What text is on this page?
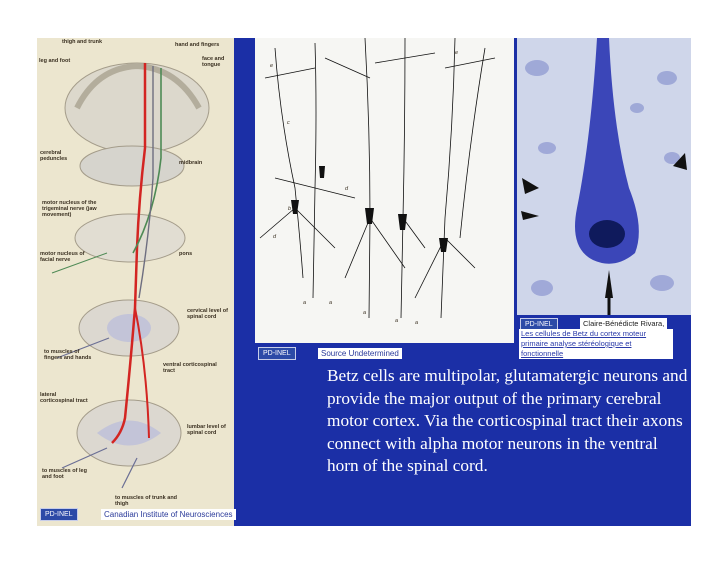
thigh and trunk	hand and fingers
leg and foot	face and tongue
cerebral peduncles
midbrain
motor nucleus of the trigeminal nerve (jaw movement)
motor nucleus of facial nerve
pons
cervical level of spinal cord
to muscles of fingers and hands
ventral corticospinal tract
lateral corticospinal tract
lumbar level of spinal cord
to muscles of leg and foot
to muscles of trunk and thigh
PD-INEL	Canadian Institute of Neurosciences
e
e
c
d
b
d
a	a
a
a	a
PD-INEL	Source Undetermined
PD-INEL	Claire-Bénédicte Rivara,
Les cellules de Betz du cortex moteur primaire analyse stéréologique et fonctionnelle
Betz cells are multipolar, glutamatergic neurons and provide the major output of the primary cerebral motor cortex. Via the corticospinal tract their axons connect with alpha motor neurons in the ventral horn of the spinal cord.
